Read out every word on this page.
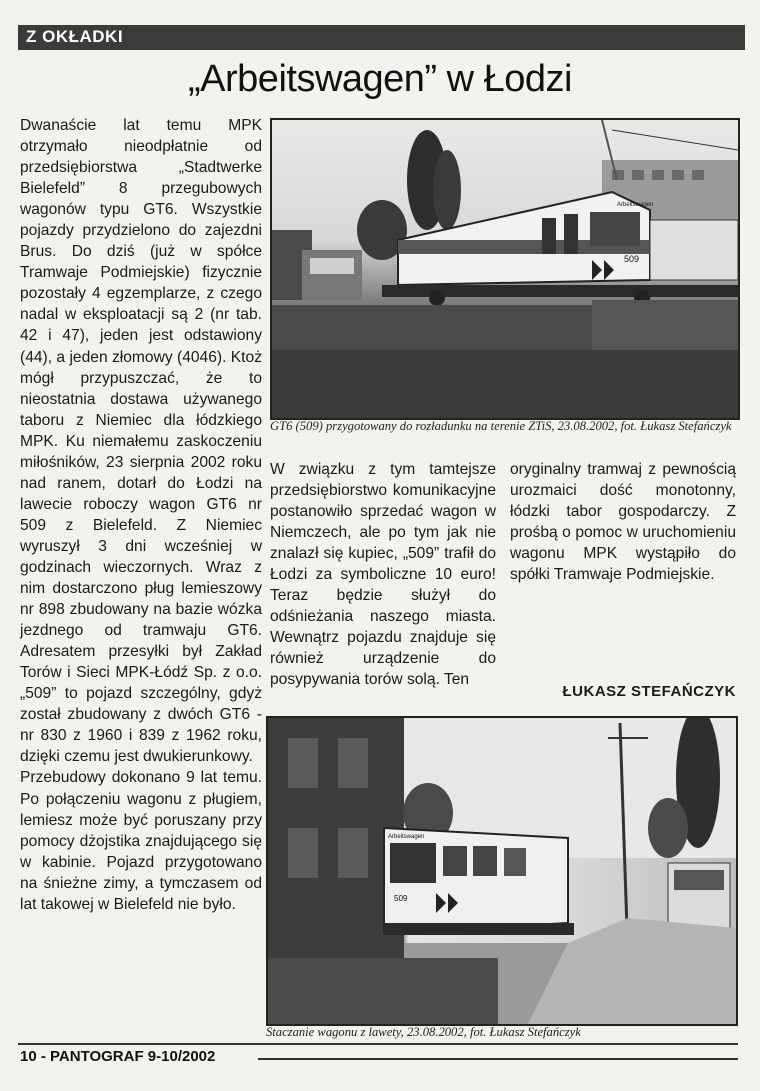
Z OKŁADKI
„Arbeitswagen” w Łodzi

Dwanaście lat temu MPK otrzymało nieodpłatnie od przedsiębiorstwa „Stadtwerke Bielefeld” 8 przegubowych wagonów typu GT6. Wszystkie pojazdy przydzielono do zajezdni Brus. Do dziś (już w spółce Tramwaje Podmiejskie) fizycznie pozostały 4 egzemplarze, z czego nadal w eksploatacji są 2 (nr tab. 42 i 47), jeden jest odstawiony (44), a jeden złomowy (4046). Ktoż mógł przypuszczać, że to nieostatnia dostawa używanego taboru z Niemiec dla łódzkiego MPK. Ku niemałemu zaskoczeniu miłośników, 23 sierpnia 2002 roku nad ranem, dotarł do Łodzi na lawecie roboczy wagon GT6 nr 509 z Bielefeld. Z Niemiec wyruszył 3 dni wcześniej w godzinach wieczornych. Wraz z nim dostarczono pług lemieszowy nr 898 zbudowany na bazie wózka jezdnego od tramwaju GT6. Adresatem przesyłki był Zakład Torów i Sieci MPK-Łódź Sp. z o.o. „509” to pojazd szczególny, gdyż został zbudowany z dwóch GT6 - nr 830 z 1960 i 839 z 1962 roku, dzięki czemu jest dwukierunkowy.

Przebudowy dokonano 9 lat temu. Po połączeniu wagonu z pługiem, lemiesz może być poruszany przy pomocy dżojstika znajdującego się w kabinie. Pojazd przygotowano na śnieżne zimy, a tymczasem od lat takowej w Bielefeld nie było.

509
Arbeitswagen
GT6 (509) przygotowany do rozładunku na terenie ZTiS, 23.08.2002, fot. Łukasz Stefańczyk

W związku z tym tamtejsze przedsiębiorstwo komunikacyjne postanowiło sprzedać wagon w Niemczech, ale po tym jak nie znalazł się kupiec, „509” trafił do Łodzi za symboliczne 10 euro! Teraz będzie służył do odśnieżania naszego miasta. Wewnątrz pojazdu znajduje się również urządzenie do posypywania torów solą. Ten

oryginalny tramwaj z pewnością urozmaici dość monotonny, łódzki tabor gospodarczy. Z prośbą o pomoc w uruchomieniu wagonu MPK wystąpiło do spółki Tramwaje Podmiejskie.

ŁUKASZ STEFAŃCZYK
509
Arbeitswagen
Staczanie wagonu z lawety, 23.08.2002, fot. Łukasz Stefańczyk
10 - PANTOGRAF 9-10/2002
